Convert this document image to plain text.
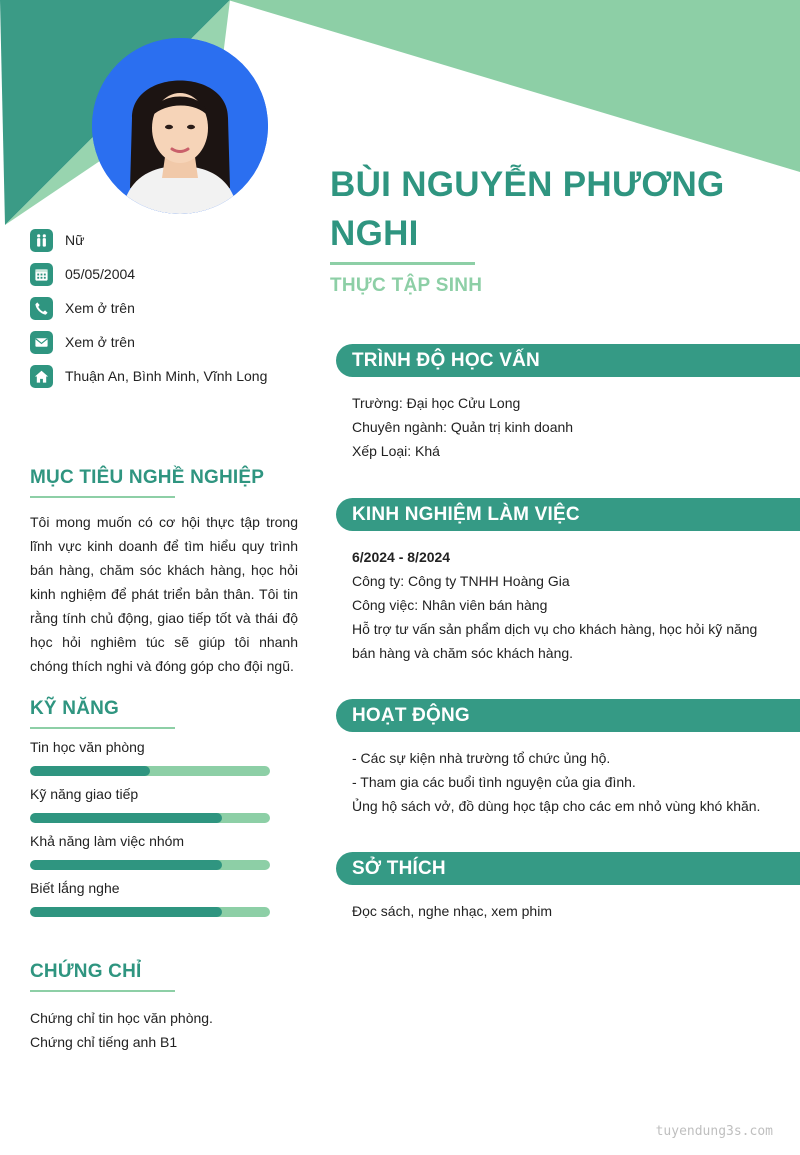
BÙI NGUYỄN PHƯƠNG
NGHI
THỰC TẬP SINH
Nữ
05/05/2004
Xem ở trên
Xem ở trên
Thuận An, Bình Minh, Vĩnh Long
MỤC TIÊU NGHỀ NGHIỆP
Tôi mong muốn có cơ hội thực tập trong lĩnh vực kinh doanh để tìm hiểu quy trình bán hàng, chăm sóc khách hàng, học hỏi kinh nghiệm để phát triển bản thân. Tôi tin rằng tính chủ động, giao tiếp tốt và thái độ học hỏi nghiêm túc sẽ giúp tôi nhanh chóng thích nghi và đóng góp cho đội ngũ.
KỸ NĂNG
Tin học văn phòng
Kỹ năng giao tiếp
Khả năng làm việc nhóm
Biết lắng nghe
CHỨNG CHỈ
Chứng chỉ tin học văn phòng.
Chứng chỉ tiếng anh B1
TRÌNH ĐỘ HỌC VẤN
Trường: Đại học Cửu Long
Chuyên ngành: Quản trị kinh doanh
Xếp Loại: Khá
KINH NGHIỆM LÀM VIỆC
6/2024 - 8/2024
Công ty: Công ty TNHH Hoàng Gia
Công việc: Nhân viên bán hàng
Hỗ trợ tư vấn sản phẩm dịch vụ cho khách hàng, học hỏi kỹ năng bán hàng và chăm sóc khách hàng.
HOẠT ĐỘNG
- Các sự kiện nhà trường tổ chức ủng hộ.
- Tham gia các buổi tình nguyện của gia đình.
Ủng hộ sách vở, đồ dùng học tập cho các em nhỏ vùng khó khăn.
SỞ THÍCH
Đọc sách, nghe nhạc, xem phim
tuyendung3s.com
